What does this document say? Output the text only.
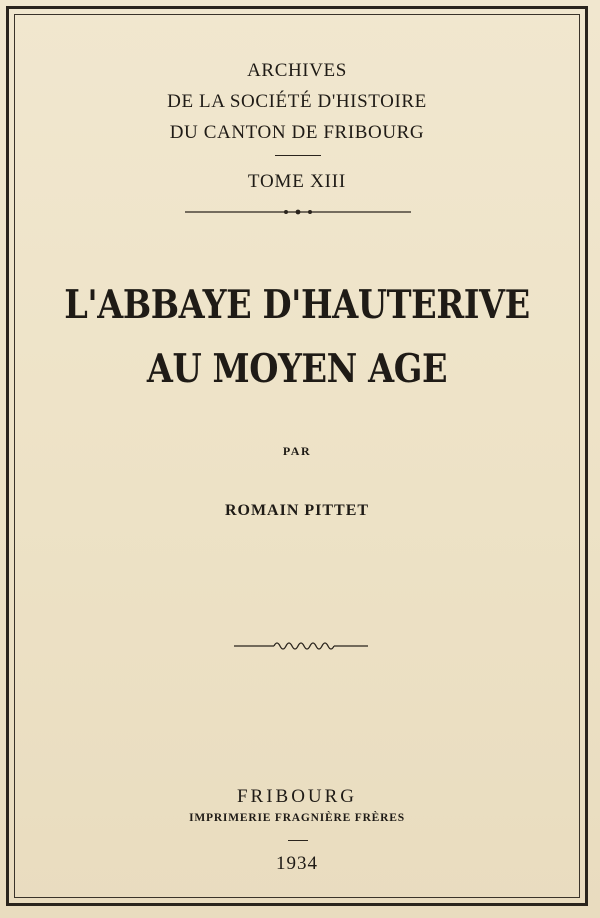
ARCHIVES
DE LA SOCIÉTÉ D'HISTOIRE
DU CANTON DE FRIBOURG
TOME XIII
L'ABBAYE D'HAUTERIVE
AU MOYEN AGE
PAR
ROMAIN PITTET
FRIBOURG
IMPRIMERIE FRAGNIÈRE FRÈRES
1934
